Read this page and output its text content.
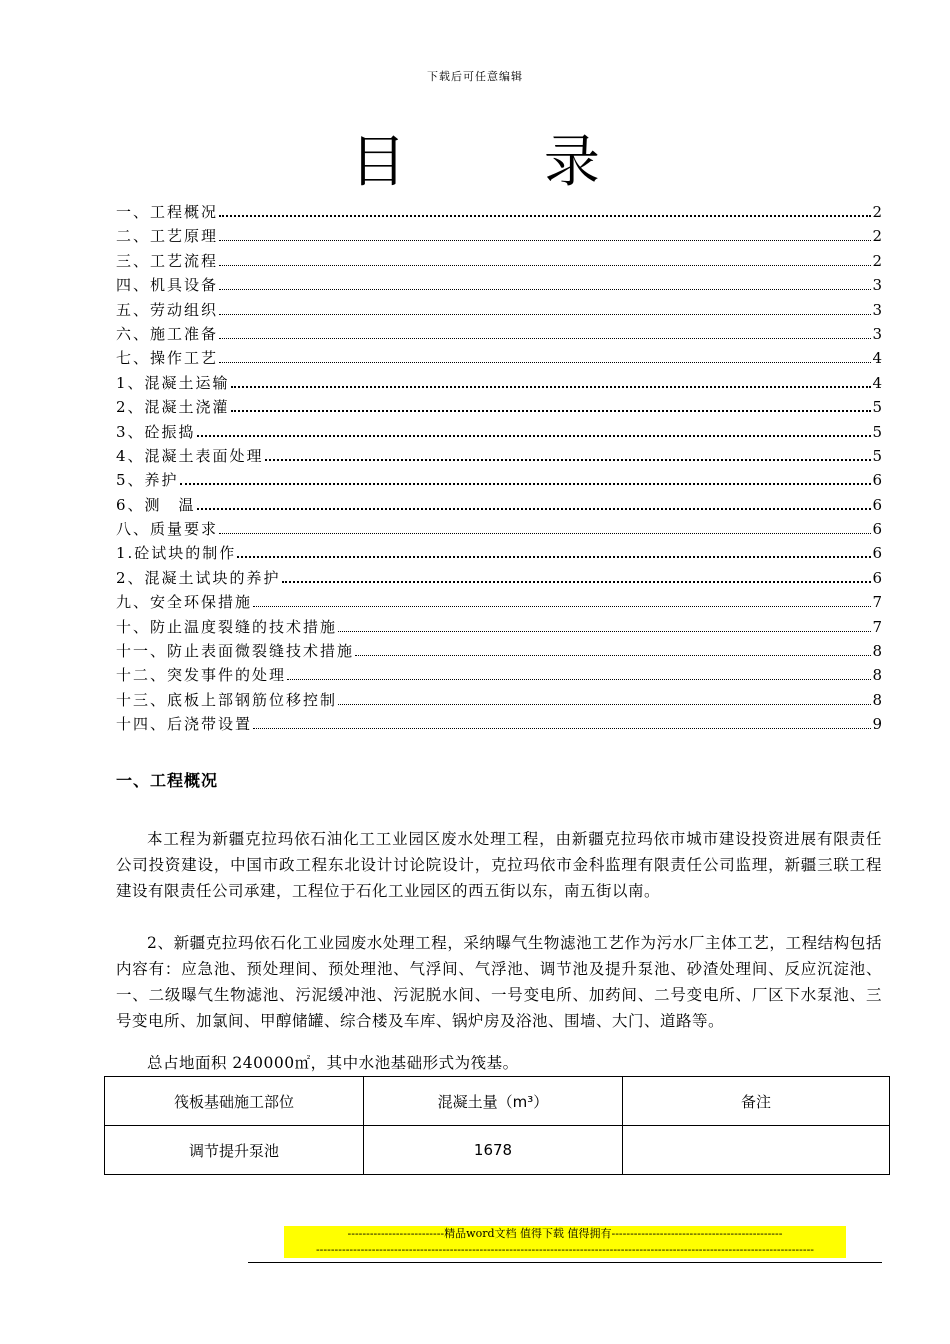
下载后可任意编辑
目 录
一、工程概况	2
二、工艺原理	2
三、工艺流程	2
四、机具设备	3
五、劳动组织	3
六、施工准备	3
七、操作工艺	4
1、混凝土运输	4
2、混凝土浇灌	5
3、砼振捣	5
4、混凝土表面处理	5
5、养护	6
6、测　温	6
八、质量要求	6
1.砼试块的制作	6
2、混凝土试块的养护	6
九、安全环保措施	7
十、防止温度裂缝的技术措施	7
十一、防止表面微裂缝技术措施	8
十二、突发事件的处理	8
十三、底板上部钢筋位移控制	8
十四、后浇带设置	9
一、工程概况

本工程为新疆克拉玛依石油化工工业园区废水处理工程，由新疆克拉玛依市城市建设投资进展有限责任公司投资建设，中国市政工程东北设计讨论院设计，克拉玛依市金科监理有限责任公司监理，新疆三联工程建设有限责任公司承建，工程位于石化工业园区的西五街以东，南五街以南。

2、新疆克拉玛依石化工业园废水处理工程，采纳曝气生物滤池工艺作为污水厂主体工艺，工程结构包括内容有：应急池、预处理间、预处理池、气浮间、气浮池、调节池及提升泵池、砂渣处理间、反应沉淀池、一、二级曝气生物滤池、污泥缓冲池、污泥脱水间、一号变电所、加药间、二号变电所、厂区下水泵池、三号变电所、加氯间、甲醇储罐、综合楼及车库、锅炉房及浴池、围墙、大门、道路等。

总占地面积 240000㎡，其中水池基础形式为筏基。

筏板基础施工部位	混凝土量（m³）	备注
调节提升泵池	1678	
--------------------------精品word文档 值得下载 值得拥有----------------------------------------------
--------------------------------------------------------------------------------------------------------------------------------------
